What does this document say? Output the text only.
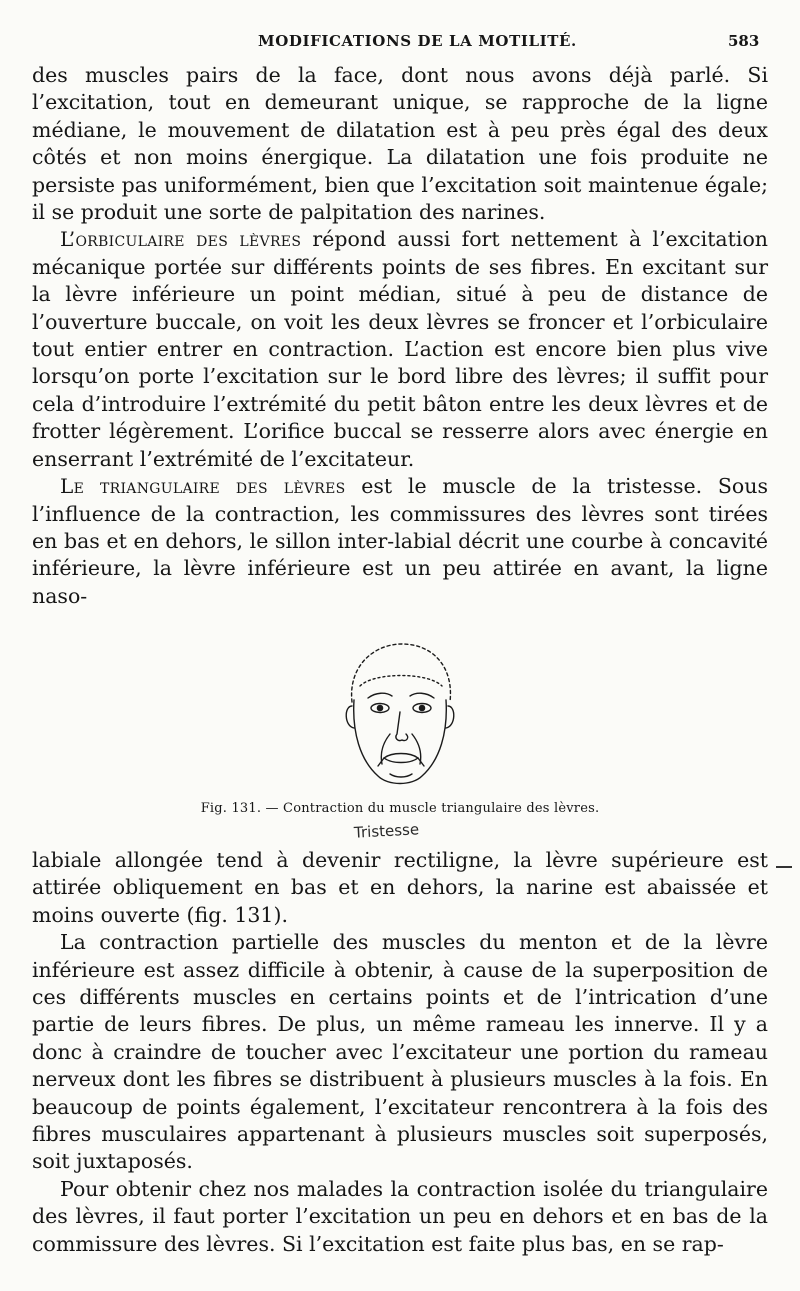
MODIFICATIONS DE LA MOTILITÉ.	583

des muscles pairs de la face, dont nous avons déjà parlé. Si l’excitation, tout en demeurant unique, se rapproche de la ligne médiane, le mouvement de dilatation est à peu près égal des deux côtés et non moins énergique. La dilatation une fois produite ne persiste pas uniformément, bien que l’excitation soit maintenue égale; il se produit une sorte de palpitation des narines.

L’orbiculaire des lèvres répond aussi fort nettement à l’excitation mécanique portée sur différents points de ses fibres. En excitant sur la lèvre inférieure un point médian, situé à peu de distance de l’ouverture buccale, on voit les deux lèvres se froncer et l’orbiculaire tout entier entrer en contraction. L’action est encore bien plus vive lorsqu’on porte l’excitation sur le bord libre des lèvres; il suffit pour cela d’introduire l’extrémité du petit bâton entre les deux lèvres et de frotter légèrement. L’orifice buccal se resserre alors avec énergie en enserrant l’extrémité de l’excitateur.

Le triangulaire des lèvres est le muscle de la tristesse. Sous l’influence de la contraction, les commissures des lèvres sont tirées en bas et en dehors, le sillon inter-labial décrit une courbe à concavité inférieure, la lèvre inférieure est un peu attirée en avant, la ligne naso-

Fig. 131. — Contraction du muscle triangulaire des lèvres.
Tristesse

labiale allongée tend à devenir rectiligne, la lèvre supérieure est attirée obliquement en bas et en dehors, la narine est abaissée et moins ouverte (fig. 131).

La contraction partielle des muscles du menton et de la lèvre inférieure est assez difficile à obtenir, à cause de la superposition de ces différents muscles en certains points et de l’intrication d’une partie de leurs fibres. De plus, un même rameau les innerve. Il y a donc à craindre de toucher avec l’excitateur une portion du rameau nerveux dont les fibres se distribuent à plusieurs muscles à la fois. En beaucoup de points également, l’excitateur rencontrera à la fois des fibres musculaires appartenant à plusieurs muscles soit superposés, soit juxtaposés.

Pour obtenir chez nos malades la contraction isolée du triangulaire des lèvres, il faut porter l’excitation un peu en dehors et en bas de la commissure des lèvres. Si l’excitation est faite plus bas, en se rap-
